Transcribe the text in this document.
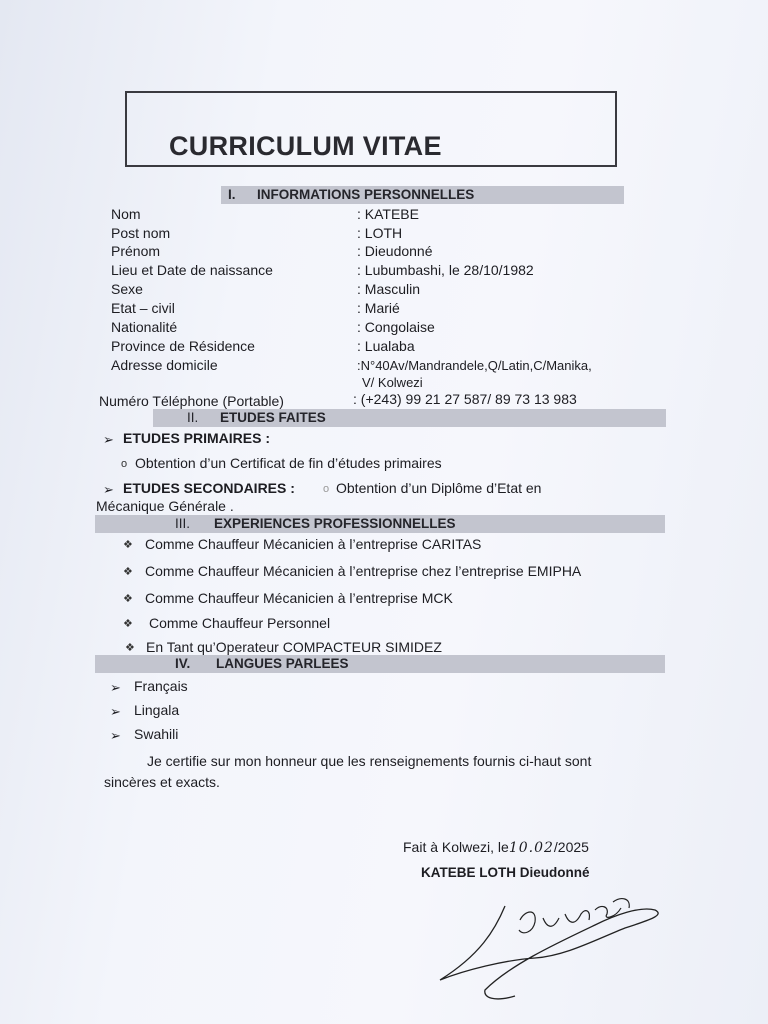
CURRICULUM VITAE
I. INFORMATIONS PERSONNELLES
Nom	: KATEBE
Post nom	: LOTH
Prénom	: Dieudonné
Lieu et Date de naissance	: Lubumbashi, le 28/10/1982
Sexe	: Masculin
Etat – civil	: Marié
Nationalité	: Congolaise
Province de Résidence	: Lualaba
Adresse domicile	:N°40Av/Mandrandele,Q/Latin,C/Manika,
V/ Kolwezi
Numéro Téléphone (Portable)	: (+243) 99 21 27 587/ 89 73 13 983
II. ETUDES FAITES
➢ ETUDES PRIMAIRES :
o Obtention d’un Certificat de fin d’études primaires
➢ ETUDES SECONDAIRES :	o Obtention d’un Diplôme d’Etat en
Mécanique Générale .
III. EXPERIENCES PROFESSIONNELLES
❖ Comme Chauffeur Mécanicien à l’entreprise CARITAS
❖ Comme Chauffeur Mécanicien à l’entreprise chez l’entreprise EMIPHA
❖ Comme Chauffeur Mécanicien à l’entreprise MCK
❖ Comme Chauffeur Personnel
❖ En Tant qu’Operateur COMPACTEUR SIMIDEZ
IV. LANGUES PARLEES
➢ Français
➢ Lingala
➢ Swahili
Je certifie sur mon honneur que les renseignements fournis ci-haut sont
sincères et exacts.
Fait à Kolwezi, le10.02/2025
KATEBE LOTH Dieudonné
